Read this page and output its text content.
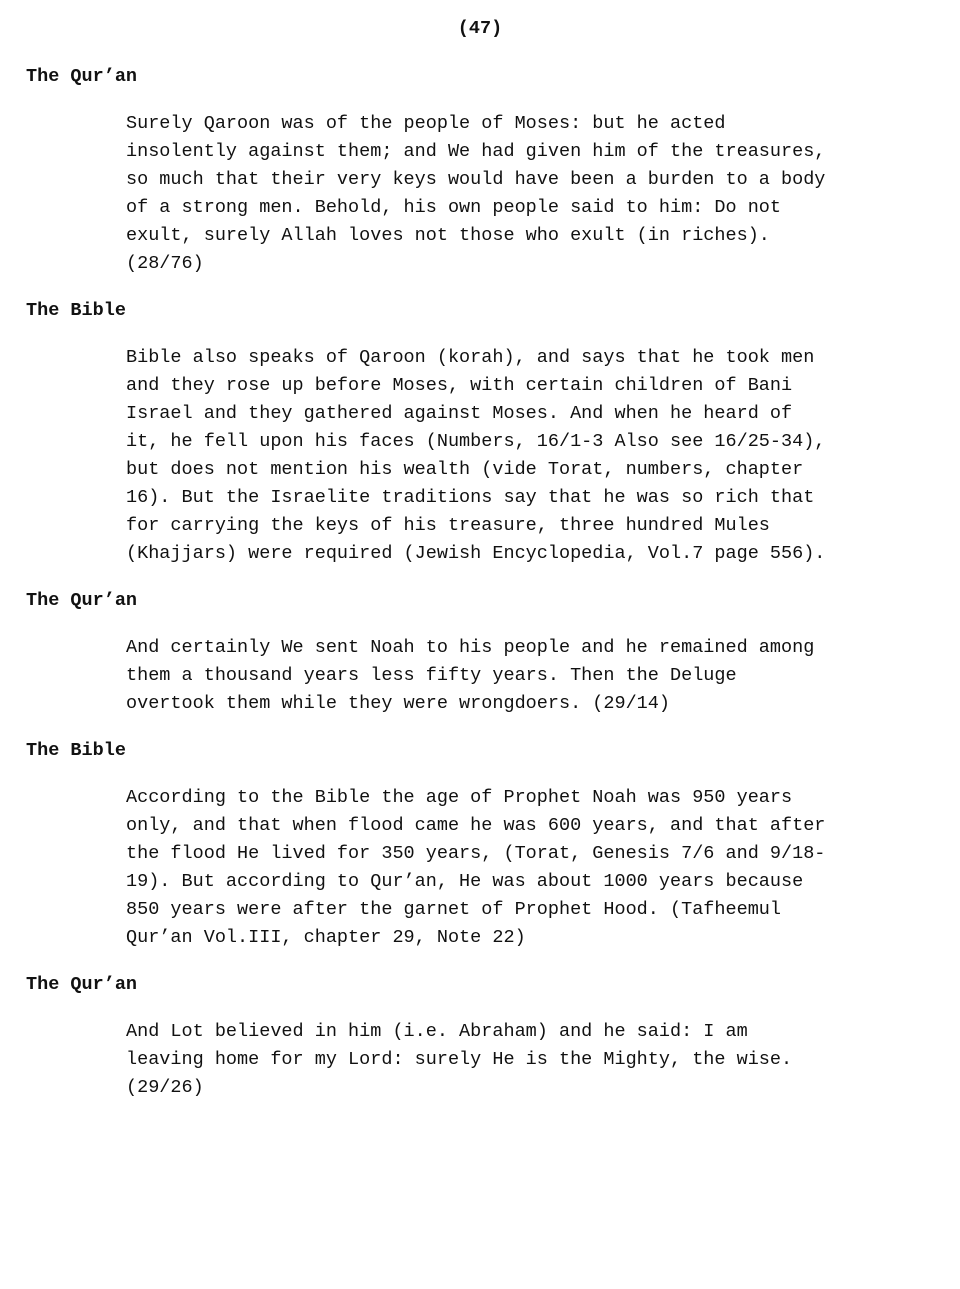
(47)
The Qur’an
Surely Qaroon was of the people of Moses: but he acted
insolently against them; and We had given him of the treasures,
so much that their very keys would have been a burden to a body
of a strong men. Behold, his own people said to him: Do not
exult, surely Allah loves not those who exult (in riches).
(28/76)
The Bible
Bible also speaks of Qaroon (korah), and says that he took men
and they rose up before Moses, with certain children of Bani
Israel and they gathered against Moses. And when he heard of
it, he fell upon his faces (Numbers, 16/1-3 Also see 16/25-34),
but does not mention his wealth (vide Torat, numbers, chapter
16). But the Israelite traditions say that he was so rich that
for carrying the keys of his treasure, three hundred Mules
(Khajjars) were required (Jewish Encyclopedia, Vol.7 page 556).
The Qur’an
And certainly We sent Noah to his people and he remained among
them a thousand years less fifty years. Then the Deluge
overtook them while they were wrongdoers. (29/14)
The Bible
According to the Bible the age of Prophet Noah was 950 years
only, and that when flood came he was 600 years, and that after
the flood He lived for 350 years, (Torat, Genesis 7/6 and 9/18-
19). But according to Qur’an, He was about 1000 years because
850 years were after the garnet of Prophet Hood. (Tafheemul
Qur’an Vol.III, chapter 29, Note 22)
The Qur’an
And Lot believed in him (i.e. Abraham) and he said: I am
leaving home for my Lord: surely He is the Mighty, the wise.
(29/26)
